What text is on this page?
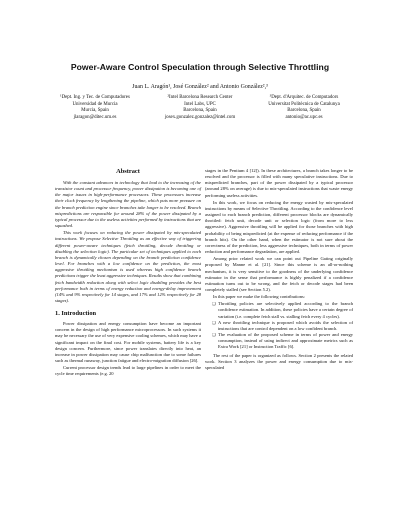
Power-Aware Control Speculation through Selective Throttling
Juan L. Aragón¹, José González² and Antonio González²,³
¹Dept. Ing. y Tec. de Computadores
Universidad de Murcia
Murcia, Spain
jlaragon@ditec.um.es
²Intel Barcelona Research Center
Intel Labs, UPC
Barcelona, Spain
josex.gonzalez.gonzalez@intel.com
³Dept. d'Arquitec. de Computadors
Universitat Politècnica de Catalunya
Barcelona, Spain
antonio@ac.upc.es
Abstract

With the constant advances in technology that lead to the increasing of the transistor count and processor frequency, power dissipation is becoming one of the major issues in high-performance processors. These processors increase their clock frequency by lengthening the pipeline, which puts more pressure on the branch prediction engine since branches take longer to be resolved. Branch mispredictions are responsible for around 28% of the power dissipated by a typical processor due to the useless activities performed by instructions that are squashed.

This work focuses on reducing the power dissipated by mis-speculated instructions. We propose Selective Throttling as an effective way of triggering different power-aware techniques (fetch throttling, decode throttling or disabling the selection logic). The particular set of techniques applied to each branch is dynamically chosen depending on the branch prediction confidence level. For branches with a low confidence on the prediction, the most aggressive throttling mechanism is used whereas high confidence branch predictions trigger the least aggressive techniques. Results show that combining fetch bandwidth reduction along with select logic disabling provides the best performance both in terms of energy reduction and energy-delay improvement (14% and 9% respectively for 14 stages, and 17% and 12% respectively for 28 stages).

1. Introduction

Power dissipation and energy consumption have become an important concern in the design of high performance microprocessors. In such systems it may be necessary the use of very expensive cooling schemes, which may have a significant impact on the final cost. For mobile systems, battery life is a key design concern. Furthermore, since power translates directly into heat, an increase in power dissipation may cause chip malfunction due to some failures such as thermal runaway, junction fatigue and electro-migration diffusion [26].

Current processor design trends lead to large pipelines in order to meet the cycle time requirements (e.g. 20

stages in the Pentium 4 [12]). In these architectures, a branch takes longer to be resolved and the processor is filled with many speculative instructions. Due to mispredicted branches, part of the power dissipated by a typical processor (around 28% on average) is due to mis-speculated instructions that waste energy performing useless activities.

In this work, we focus on reducing the energy wasted by mis-speculated instructions by means of Selective Throttling. According to the confidence level assigned to each branch prediction, different processor blocks are dynamically throttled: fetch unit, decode unit or selection logic (from more to less aggressive). Aggressive throttling will be applied for those branches with high probability of being mispredicted (at the expense of reducing performance if the branch hits). On the other hand, when the estimator is not sure about the correctness of the prediction, less aggressive techniques, both in terms of power reduction and performance degradation, are applied.

Among prior related work we can point out Pipeline Gating originally proposed by Manne et al. [21]. Since this scheme is an all-or-nothing mechanism, it is very sensitive to the goodness of the underlying confidence estimator in the sense that performance is highly penalized if a confidence estimation turns out to be wrong, and the fetch or decode stages had been completely stalled (see Section 5.2).

In this paper we make the following contributions:

❏ Throttling policies are selectively applied according to the branch confidence estimation. In addition, these policies have a certain degree of variation (i.e. complete fetch stall vs. stalling fetch every 4 cycles).
❏ A new throttling technique is proposed which avoids the selection of instructions that are control dependent on a low confident branch.
❏ The evaluation of the proposed scheme in terms of power and energy consumption, instead of using indirect and approximate metrics such as Extra Work [21] or Instruction Traffic [6].

The rest of the paper is organized as follows. Section 2 presents the related work. Section 3 analyzes the power and energy consumption due to mis-speculated
